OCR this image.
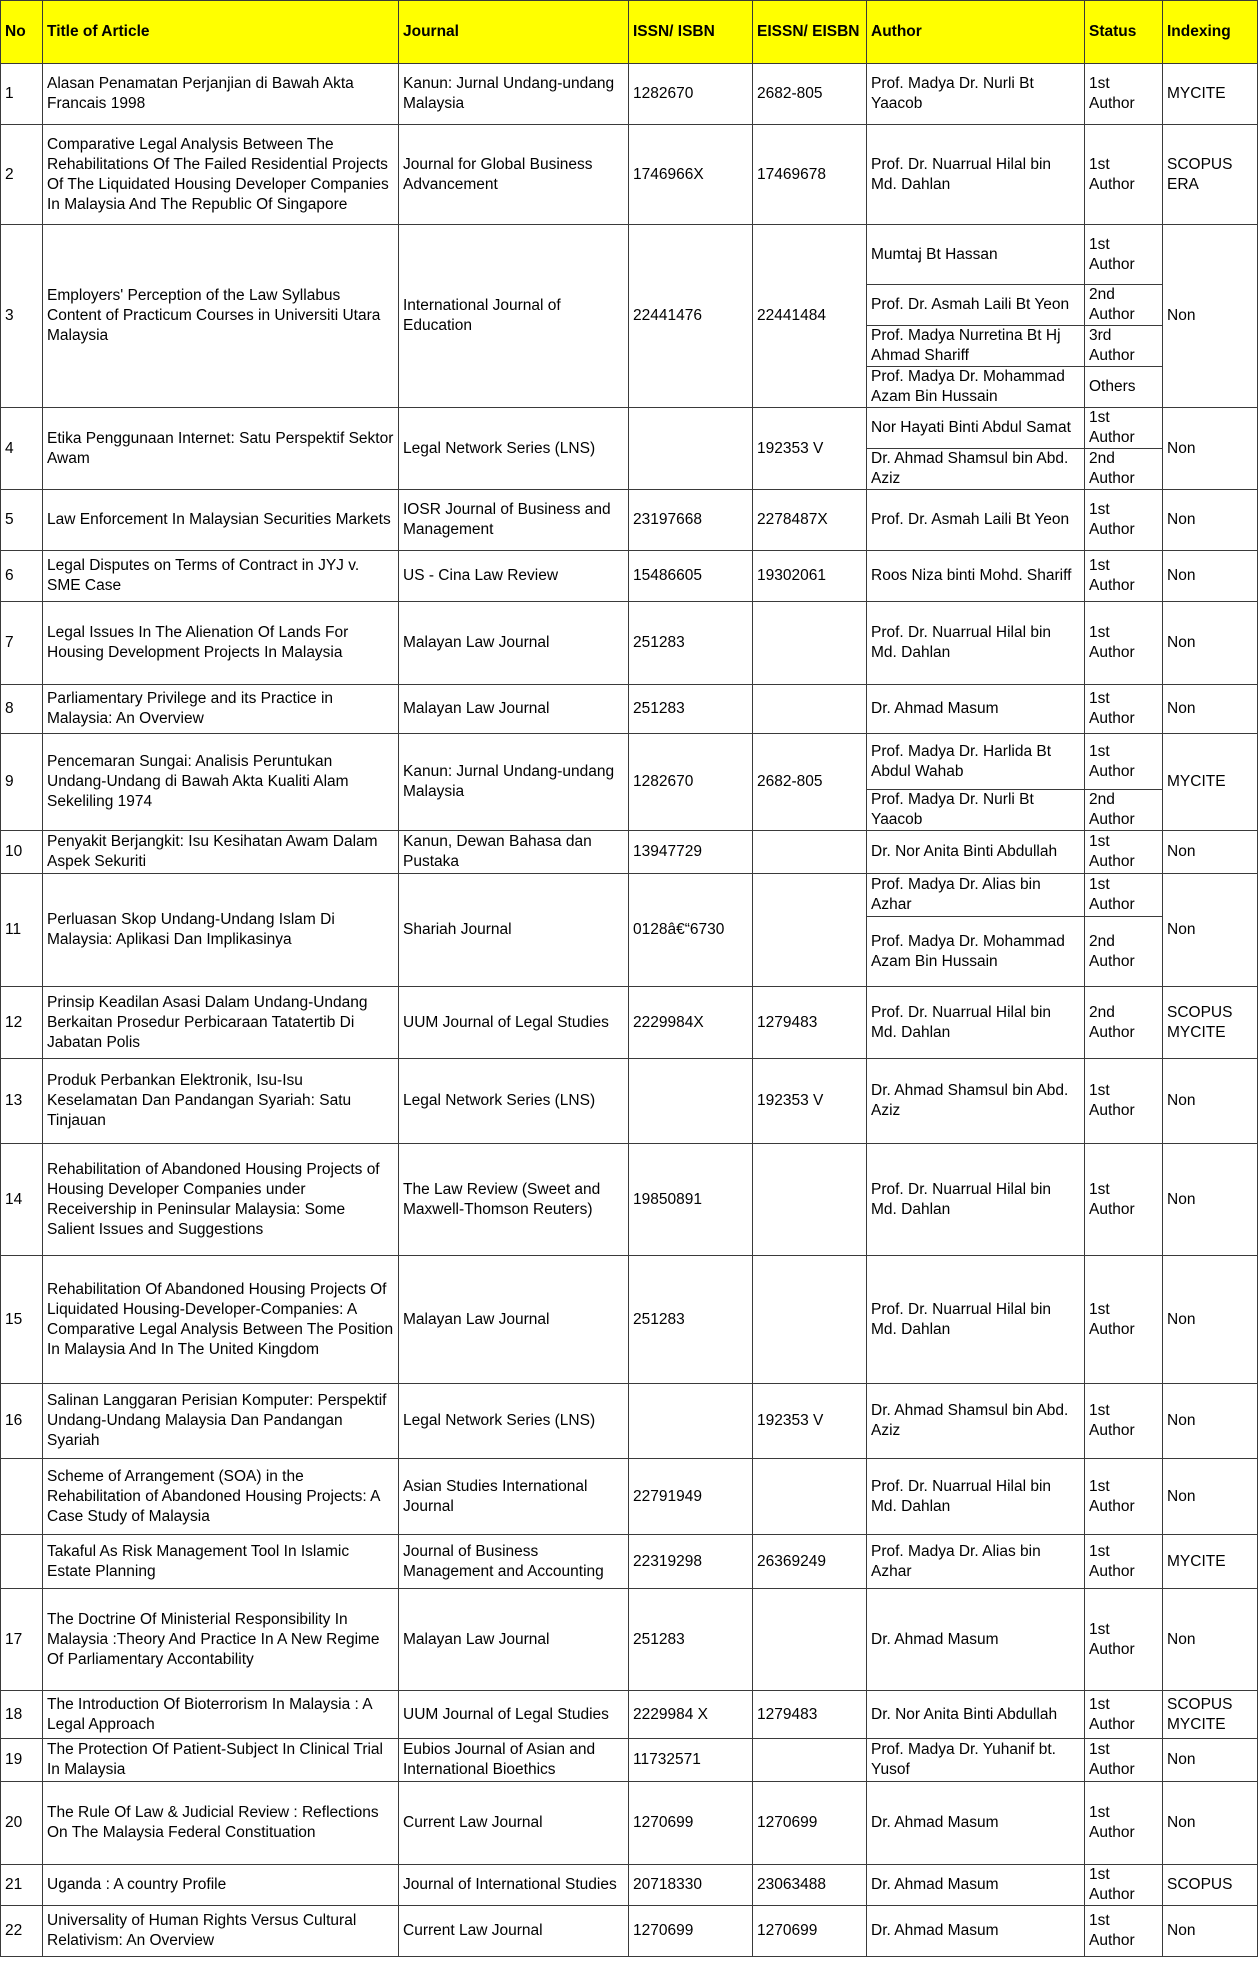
No	Title of Article	Journal	ISSN/ ISBN	EISSN/ EISBN	Author	Status	Indexing
1	Alasan Penamatan Perjanjian di Bawah Akta Francais 1998	Kanun: Jurnal Undang-undang Malaysia	1282670	2682-805	Prof. Madya Dr. Nurli Bt Yaacob	1st Author	MYCITE
2	Comparative Legal Analysis Between The Rehabilitations Of The Failed Residential Projects Of The Liquidated Housing Developer Companies In Malaysia And The Republic Of Singapore	Journal for Global Business Advancement	1746966X	17469678	Prof. Dr. Nuarrual Hilal bin Md. Dahlan	1st Author	SCOPUS ERA
3	Employers' Perception of the Law Syllabus Content of Practicum Courses in Universiti Utara Malaysia	International Journal of Education	22441476	22441484	Mumtaj Bt Hassan	1st Author	Non
					Prof. Dr. Asmah Laili Bt Yeon	2nd Author	
					Prof. Madya Nurretina Bt Hj Ahmad Shariff	3rd Author	
					Prof. Madya Dr. Mohammad Azam Bin Hussain	Others	
4	Etika Penggunaan Internet: Satu Perspektif Sektor Awam	Legal Network Series (LNS)		192353 V	Nor Hayati Binti Abdul Samat	1st Author	Non
					Dr. Ahmad Shamsul bin Abd. Aziz	2nd Author	
5	Law Enforcement In Malaysian Securities Markets	IOSR Journal of Business and Management	23197668	2278487X	Prof. Dr. Asmah Laili Bt Yeon	1st Author	Non
6	Legal Disputes on Terms of Contract in JYJ v. SME Case	US - Cina Law Review	15486605	19302061	Roos Niza binti Mohd. Shariff	1st Author	Non
7	Legal Issues In The Alienation Of Lands For Housing Development Projects In Malaysia	Malayan Law Journal	251283		Prof. Dr. Nuarrual Hilal bin Md. Dahlan	1st Author	Non
8	Parliamentary Privilege and its Practice in Malaysia: An Overview	Malayan Law Journal	251283		Dr. Ahmad Masum	1st Author	Non
9	Pencemaran Sungai: Analisis Peruntukan Undang-Undang di Bawah Akta Kualiti Alam Sekeliling 1974	Kanun: Jurnal Undang-undang Malaysia	1282670	2682-805	Prof. Madya Dr. Harlida Bt Abdul Wahab	1st Author	MYCITE
					Prof. Madya Dr. Nurli Bt Yaacob	2nd Author	
10	Penyakit Berjangkit: Isu Kesihatan Awam Dalam Aspek Sekuriti	Kanun, Dewan Bahasa dan Pustaka	13947729		Dr. Nor Anita Binti Abdullah	1st Author	Non
11	Perluasan Skop Undang-Undang Islam Di Malaysia: Aplikasi Dan Implikasinya	Shariah Journal	0128â€“6730		Prof. Madya Dr. Alias bin Azhar	1st Author	Non
					Prof. Madya Dr. Mohammad Azam Bin Hussain	2nd Author	
12	Prinsip Keadilan Asasi Dalam Undang-Undang Berkaitan Prosedur Perbicaraan Tatatertib Di Jabatan Polis	UUM Journal of Legal Studies	2229984X	1279483	Prof. Dr. Nuarrual Hilal bin Md. Dahlan	2nd Author	SCOPUS MYCITE
13	Produk Perbankan Elektronik, Isu-Isu Keselamatan Dan Pandangan Syariah: Satu Tinjauan	Legal Network Series (LNS)		192353 V	Dr. Ahmad Shamsul bin Abd. Aziz	1st Author	Non
14	Rehabilitation of Abandoned Housing Projects of Housing Developer Companies under Receivership in Peninsular Malaysia: Some Salient Issues and Suggestions	The Law Review (Sweet and Maxwell-Thomson Reuters)	19850891		Prof. Dr. Nuarrual Hilal bin Md. Dahlan	1st Author	Non
15	Rehabilitation Of Abandoned Housing Projects Of Liquidated Housing-Developer-Companies: A Comparative Legal Analysis Between The Position In Malaysia And In The United Kingdom	Malayan Law Journal	251283		Prof. Dr. Nuarrual Hilal bin Md. Dahlan	1st Author	Non
16	Salinan Langgaran Perisian Komputer: Perspektif Undang-Undang Malaysia Dan Pandangan Syariah	Legal Network Series (LNS)		192353 V	Dr. Ahmad Shamsul bin Abd. Aziz	1st Author	Non
	Scheme of Arrangement (SOA) in the Rehabilitation of Abandoned Housing Projects: A Case Study of Malaysia	Asian Studies International Journal	22791949		Prof. Dr. Nuarrual Hilal bin Md. Dahlan	1st Author	Non
	Takaful As Risk Management Tool In Islamic Estate Planning	Journal of Business Management and Accounting	22319298	26369249	Prof. Madya Dr. Alias bin Azhar	1st Author	MYCITE
17	The Doctrine Of Ministerial Responsibility In Malaysia :Theory And Practice In A New Regime Of Parliamentary Accontability	Malayan Law Journal	251283		Dr. Ahmad Masum	1st Author	Non
18	The Introduction Of Bioterrorism In Malaysia : A Legal Approach	UUM Journal of Legal Studies	2229984 X	1279483	Dr. Nor Anita Binti Abdullah	1st Author	SCOPUS MYCITE
19	The Protection Of Patient-Subject In Clinical Trial In Malaysia	Eubios Journal of Asian and International Bioethics	11732571		Prof. Madya Dr. Yuhanif bt. Yusof	1st Author	Non
20	The Rule Of Law & Judicial Review : Reflections On The Malaysia Federal Constituation	Current Law Journal	1270699	1270699	Dr. Ahmad Masum	1st Author	Non
21	Uganda : A country Profile	Journal of International Studies	20718330	23063488	Dr. Ahmad Masum	1st Author	SCOPUS
22	Universality of Human Rights Versus Cultural Relativism: An Overview	Current Law Journal	1270699	1270699	Dr. Ahmad Masum	1st Author	Non
